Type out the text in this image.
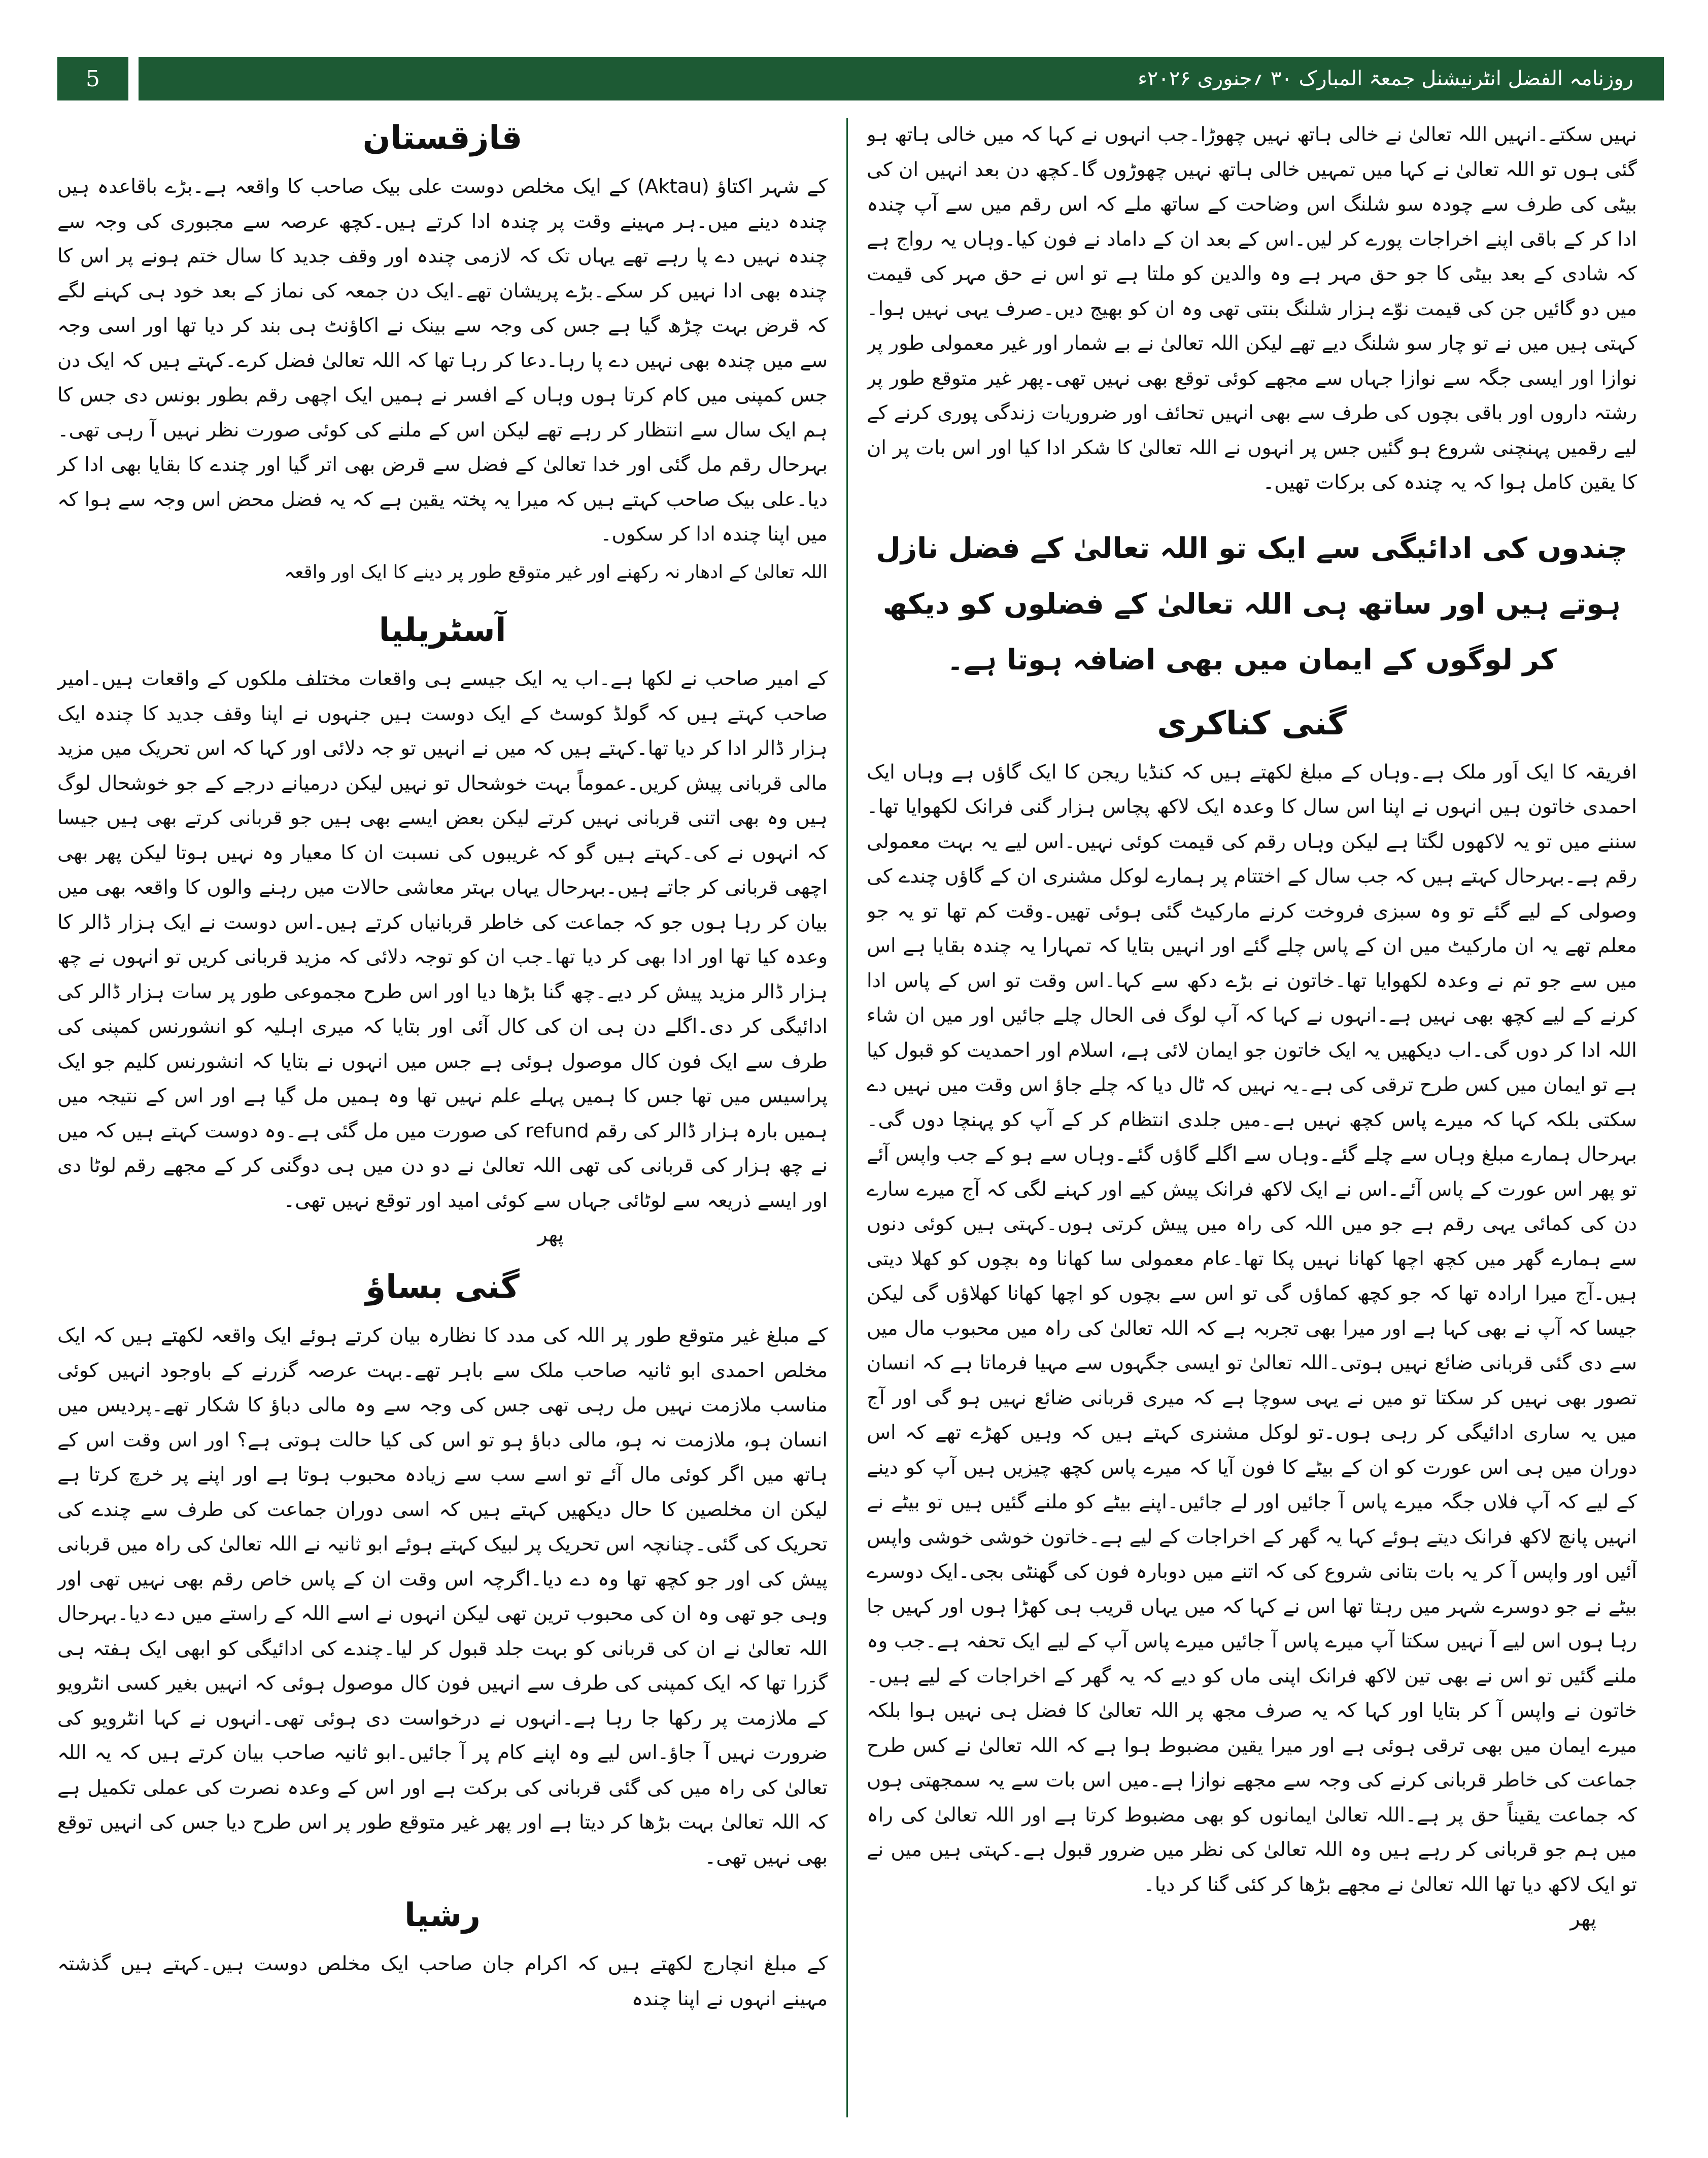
5	روزنامہ الفضل انٹرنیشنل جمعۃ المبارک ۳۰ ؍جنوری ۲۰۲۶ء

نہیں سکتے۔انہیں اللہ تعالیٰ نے خالی ہاتھ نہیں چھوڑا۔جب انہوں نے کہا کہ میں خالی ہاتھ ہو گئی ہوں تو اللہ تعالیٰ نے کہا میں تمہیں خالی ہاتھ نہیں چھوڑوں گا۔کچھ دن بعد انہیں ان کی بیٹی کی طرف سے چودہ سو شلنگ اس وضاحت کے ساتھ ملے کہ اس رقم میں سے آپ چندہ ادا کر کے باقی اپنے اخراجات پورے کر لیں۔اس کے بعد ان کے داماد نے فون کیا۔وہاں یہ رواج ہے کہ شادی کے بعد بیٹی کا جو حق مہر ہے وہ والدین کو ملتا ہے تو اس نے حق مہر کی قیمت میں دو گائیں جن کی قیمت نوّے ہزار شلنگ بنتی تھی وہ ان کو بھیج دیں۔صرف یہی نہیں ہوا۔کہتی ہیں میں نے تو چار سو شلنگ دیے تھے لیکن اللہ تعالیٰ نے بے شمار اور غیر معمولی طور پر نوازا اور ایسی جگہ سے نوازا جہاں سے مجھے کوئی توقع بھی نہیں تھی۔پھر غیر متوقع طور پر رشتہ داروں اور باقی بچوں کی طرف سے بھی انہیں تحائف اور ضروریات زندگی پوری کرنے کے لیے رقمیں پہنچنی شروع ہو گئیں جس پر انہوں نے اللہ تعالیٰ کا شکر ادا کیا اور اس بات پر ان کا یقین کامل ہوا کہ یہ چندہ کی برکات تھیں۔

چندوں کی ادائیگی سے ایک تو اللہ تعالیٰ کے فضل نازل ہوتے ہیں اور ساتھ ہی اللہ تعالیٰ کے فضلوں کو دیکھ کر لوگوں کے ایمان میں بھی اضافہ ہوتا ہے۔
گنی کناکری

افریقہ کا ایک اَور ملک ہے۔وہاں کے مبلغ لکھتے ہیں کہ کنڈیا ریجن کا ایک گاؤں ہے وہاں ایک احمدی خاتون ہیں انہوں نے اپنا اس سال کا وعدہ ایک لاکھ پچاس ہزار گنی فرانک لکھوایا تھا۔سننے میں تو یہ لاکھوں لگتا ہے لیکن وہاں رقم کی قیمت کوئی نہیں۔اس لیے یہ بہت معمولی رقم ہے۔بہرحال کہتے ہیں کہ جب سال کے اختتام پر ہمارے لوکل مشنری ان کے گاؤں چندے کی وصولی کے لیے گئے تو وہ سبزی فروخت کرنے مارکیٹ گئی ہوئی تھیں۔وقت کم تھا تو یہ جو معلم تھے یہ ان مارکیٹ میں ان کے پاس چلے گئے اور انہیں بتایا کہ تمہارا یہ چندہ بقایا ہے اس میں سے جو تم نے وعدہ لکھوایا تھا۔خاتون نے بڑے دکھ سے کہا۔اس وقت تو اس کے پاس ادا کرنے کے لیے کچھ بھی نہیں ہے۔انہوں نے کہا کہ آپ لوگ فی الحال چلے جائیں اور میں ان شاء اللہ ادا کر دوں گی۔اب دیکھیں یہ ایک خاتون جو ایمان لائی ہے، اسلام اور احمدیت کو قبول کیا ہے تو ایمان میں کس طرح ترقی کی ہے۔یہ نہیں کہ ٹال دیا کہ چلے جاؤ اس وقت میں نہیں دے سکتی بلکہ کہا کہ میرے پاس کچھ نہیں ہے۔میں جلدی انتظام کر کے آپ کو پہنچا دوں گی۔بہرحال ہمارے مبلغ وہاں سے چلے گئے۔وہاں سے اگلے گاؤں گئے۔وہاں سے ہو کے جب واپس آئے تو پھر اس عورت کے پاس آئے۔اس نے ایک لاکھ فرانک پیش کیے اور کہنے لگی کہ آج میرے سارے دن کی کمائی یہی رقم ہے جو میں اللہ کی راہ میں پیش کرتی ہوں۔کہتی ہیں کوئی دنوں سے ہمارے گھر میں کچھ اچھا کھانا نہیں پکا تھا۔عام معمولی سا کھانا وہ بچوں کو کھلا دیتی ہیں۔آج میرا ارادہ تھا کہ جو کچھ کماؤں گی تو اس سے بچوں کو اچھا کھانا کھلاؤں گی لیکن جیسا کہ آپ نے بھی کہا ہے اور میرا بھی تجربہ ہے کہ اللہ تعالیٰ کی راہ میں محبوب مال میں سے دی گئی قربانی ضائع نہیں ہوتی۔اللہ تعالیٰ تو ایسی جگہوں سے مہیا فرماتا ہے کہ انسان تصور بھی نہیں کر سکتا تو میں نے یہی سوچا ہے کہ میری قربانی ضائع نہیں ہو گی اور آج میں یہ ساری ادائیگی کر رہی ہوں۔تو لوکل مشنری کہتے ہیں کہ وہیں کھڑے تھے کہ اس دوران میں ہی اس عورت کو ان کے بیٹے کا فون آیا کہ میرے پاس کچھ چیزیں ہیں آپ کو دینے کے لیے کہ آپ فلاں جگہ میرے پاس آ جائیں اور لے جائیں۔اپنے بیٹے کو ملنے گئیں ہیں تو بیٹے نے انہیں پانچ لاکھ فرانک دیتے ہوئے کہا یہ گھر کے اخراجات کے لیے ہے۔خاتون خوشی خوشی واپس آئیں اور واپس آ کر یہ بات بتانی شروع کی کہ اتنے میں دوبارہ فون کی گھنٹی بجی۔ایک دوسرے بیٹے نے جو دوسرے شہر میں رہتا تھا اس نے کہا کہ میں یہاں قریب ہی کھڑا ہوں اور کہیں جا رہا ہوں اس لیے آ نہیں سکتا آپ میرے پاس آ جائیں میرے پاس آپ کے لیے ایک تحفہ ہے۔جب وہ ملنے گئیں تو اس نے بھی تین لاکھ فرانک اپنی ماں کو دیے کہ یہ گھر کے اخراجات کے لیے ہیں۔خاتون نے واپس آ کر بتایا اور کہا کہ یہ صرف مجھ پر اللہ تعالیٰ کا فضل ہی نہیں ہوا بلکہ میرے ایمان میں بھی ترقی ہوئی ہے اور میرا یقین مضبوط ہوا ہے کہ اللہ تعالیٰ نے کس طرح جماعت کی خاطر قربانی کرنے کی وجہ سے مجھے نوازا ہے۔میں اس بات سے یہ سمجھتی ہوں کہ جماعت یقیناً حق پر ہے۔اللہ تعالیٰ ایمانوں کو بھی مضبوط کرتا ہے اور اللہ تعالیٰ کی راہ میں ہم جو قربانی کر رہے ہیں وہ اللہ تعالیٰ کی نظر میں ضرور قبول ہے۔کہتی ہیں میں نے تو ایک لاکھ دیا تھا اللہ تعالیٰ نے مجھے بڑھا کر کئی گنا کر دیا۔

پھر

قازقستان

کے شہر اکتاؤ (Aktau) کے ایک مخلص دوست علی بیک صاحب کا واقعہ ہے۔بڑے باقاعدہ ہیں چندہ دینے میں۔ہر مہینے وقت پر چندہ ادا کرتے ہیں۔کچھ عرصہ سے مجبوری کی وجہ سے چندہ نہیں دے پا رہے تھے یہاں تک کہ لازمی چندہ اور وقف جدید کا سال ختم ہونے پر اس کا چندہ بھی ادا نہیں کر سکے۔بڑے پریشان تھے۔ایک دن جمعہ کی نماز کے بعد خود ہی کہنے لگے کہ قرض بہت چڑھ گیا ہے جس کی وجہ سے بینک نے اکاؤنٹ ہی بند کر دیا تھا اور اسی وجہ سے میں چندہ بھی نہیں دے پا رہا۔دعا کر رہا تھا کہ اللہ تعالیٰ فضل کرے۔کہتے ہیں کہ ایک دن جس کمپنی میں کام کرتا ہوں وہاں کے افسر نے ہمیں ایک اچھی رقم بطور بونس دی جس کا ہم ایک سال سے انتظار کر رہے تھے لیکن اس کے ملنے کی کوئی صورت نظر نہیں آ رہی تھی۔بہرحال رقم مل گئی اور خدا تعالیٰ کے فضل سے قرض بھی اتر گیا اور چندے کا بقایا بھی ادا کر دیا۔علی بیک صاحب کہتے ہیں کہ میرا یہ پختہ یقین ہے کہ یہ فضل محض اس وجہ سے ہوا کہ میں اپنا چندہ ادا کر سکوں۔

اللہ تعالیٰ کے ادھار نہ رکھنے اور غیر متوقع طور پر دینے کا ایک اور واقعہ

آسٹریلیا

کے امیر صاحب نے لکھا ہے۔اب یہ ایک جیسے ہی واقعات مختلف ملکوں کے واقعات ہیں۔امیر صاحب کہتے ہیں کہ گولڈ کوسٹ کے ایک دوست ہیں جنہوں نے اپنا وقف جدید کا چندہ ایک ہزار ڈالر ادا کر دیا تھا۔کہتے ہیں کہ میں نے انہیں تو جہ دلائی اور کہا کہ اس تحریک میں مزید مالی قربانی پیش کریں۔عموماً بہت خوشحال تو نہیں لیکن درمیانے درجے کے جو خوشحال لوگ ہیں وہ بھی اتنی قربانی نہیں کرتے لیکن بعض ایسے بھی ہیں جو قربانی کرتے بھی ہیں جیسا کہ انہوں نے کی۔کہتے ہیں گو کہ غریبوں کی نسبت ان کا معیار وہ نہیں ہوتا لیکن پھر بھی اچھی قربانی کر جاتے ہیں۔بہرحال یہاں بہتر معاشی حالات میں رہنے والوں کا واقعہ بھی میں بیان کر رہا ہوں جو کہ جماعت کی خاطر قربانیاں کرتے ہیں۔اس دوست نے ایک ہزار ڈالر کا وعدہ کیا تھا اور ادا بھی کر دیا تھا۔جب ان کو توجہ دلائی کہ مزید قربانی کریں تو انہوں نے چھ ہزار ڈالر مزید پیش کر دیے۔چھ گنا بڑھا دیا اور اس طرح مجموعی طور پر سات ہزار ڈالر کی ادائیگی کر دی۔اگلے دن ہی ان کی کال آئی اور بتایا کہ میری اہلیہ کو انشورنس کمپنی کی طرف سے ایک فون کال موصول ہوئی ہے جس میں انہوں نے بتایا کہ انشورنس کلیم جو ایک پراسیس میں تھا جس کا ہمیں پہلے علم نہیں تھا وہ ہمیں مل گیا ہے اور اس کے نتیجہ میں ہمیں بارہ ہزار ڈالر کی رقم refund کی صورت میں مل گئی ہے۔وہ دوست کہتے ہیں کہ میں نے چھ ہزار کی قربانی کی تھی اللہ تعالیٰ نے دو دن میں ہی دوگنی کر کے مجھے رقم لوٹا دی اور ایسے ذریعہ سے لوٹائی جہاں سے کوئی امید اور توقع نہیں تھی۔

پھر

گنی بساؤ

کے مبلغ غیر متوقع طور پر اللہ کی مدد کا نظارہ بیان کرتے ہوئے ایک واقعہ لکھتے ہیں کہ ایک مخلص احمدی ابو ثانیہ صاحب ملک سے باہر تھے۔بہت عرصہ گزرنے کے باوجود انہیں کوئی مناسب ملازمت نہیں مل رہی تھی جس کی وجہ سے وہ مالی دباؤ کا شکار تھے۔پردیس میں انسان ہو، ملازمت نہ ہو، مالی دباؤ ہو تو اس کی کیا حالت ہوتی ہے؟ اور اس وقت اس کے ہاتھ میں اگر کوئی مال آئے تو اسے سب سے زیادہ محبوب ہوتا ہے اور اپنے پر خرچ کرتا ہے لیکن ان مخلصین کا حال دیکھیں کہتے ہیں کہ اسی دوران جماعت کی طرف سے چندے کی تحریک کی گئی۔چنانچہ اس تحریک پر لبیک کہتے ہوئے ابو ثانیہ نے اللہ تعالیٰ کی راہ میں قربانی پیش کی اور جو کچھ تھا وہ دے دیا۔اگرچہ اس وقت ان کے پاس خاص رقم بھی نہیں تھی اور وہی جو تھی وہ ان کی محبوب ترین تھی لیکن انہوں نے اسے اللہ کے راستے میں دے دیا۔بہرحال اللہ تعالیٰ نے ان کی قربانی کو بہت جلد قبول کر لیا۔چندے کی ادائیگی کو ابھی ایک ہفتہ ہی گزرا تھا کہ ایک کمپنی کی طرف سے انہیں فون کال موصول ہوئی کہ انہیں بغیر کسی انٹرویو کے ملازمت پر رکھا جا رہا ہے۔انہوں نے درخواست دی ہوئی تھی۔انہوں نے کہا انٹرویو کی ضرورت نہیں آ جاؤ۔اس لیے وہ اپنے کام پر آ جائیں۔ابو ثانیہ صاحب بیان کرتے ہیں کہ یہ اللہ تعالیٰ کی راہ میں کی گئی قربانی کی برکت ہے اور اس کے وعدہ نصرت کی عملی تکمیل ہے کہ اللہ تعالیٰ بہت بڑھا کر دیتا ہے اور پھر غیر متوقع طور پر اس طرح دیا جس کی انہیں توقع بھی نہیں تھی۔

رشیا

کے مبلغ انچارج لکھتے ہیں کہ اکرام جان صاحب ایک مخلص دوست ہیں۔کہتے ہیں گذشتہ مہینے انہوں نے اپنا چندہ
